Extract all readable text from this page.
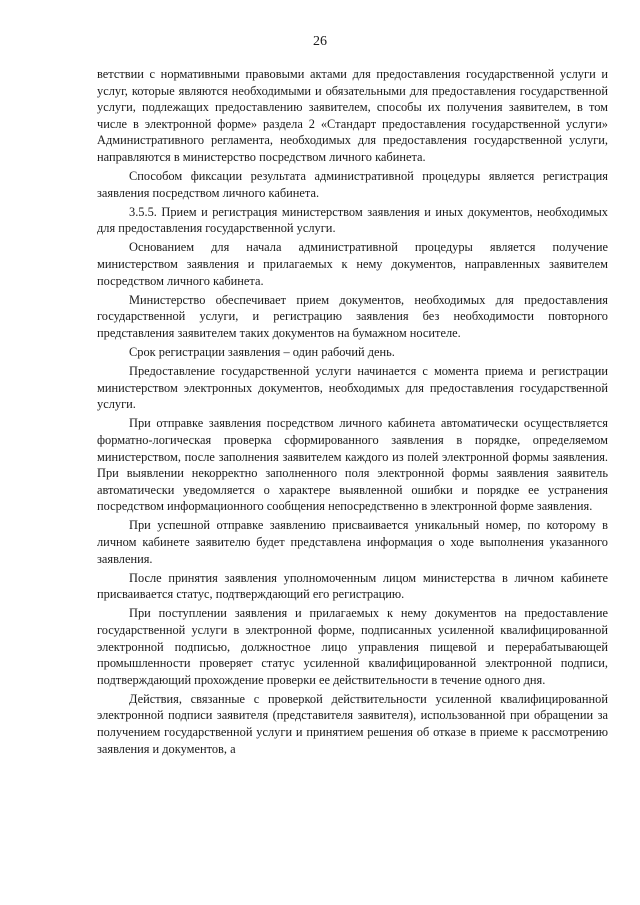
26

ветствии с нормативными правовыми актами для предоставления государственной услуги и услуг, которые являются необходимыми и обязательными для предоставления государственной услуги, подлежащих предоставлению заявителем, способы их получения заявителем, в том числе в электронной форме» раздела 2 «Стандарт предоставления государственной услуги» Административного регламента, необходимых для предоставления государственной услуги, направляются в министерство посредством личного кабинета.

Способом фиксации результата административной процедуры является регистрация заявления посредством личного кабинета.

3.5.5. Прием и регистрация министерством заявления и иных документов, необходимых для предоставления государственной услуги.

Основанием для начала административной процедуры является получение министерством заявления и прилагаемых к нему документов, направленных заявителем посредством личного кабинета.

Министерство обеспечивает прием документов, необходимых для предоставления государственной услуги, и регистрацию заявления без необходимости повторного представления заявителем таких документов на бумажном носителе.

Срок регистрации заявления – один рабочий день.

Предоставление государственной услуги начинается с момента приема и регистрации министерством электронных документов, необходимых для предоставления государственной услуги.

При отправке заявления посредством личного кабинета автоматически осуществляется форматно-логическая проверка сформированного заявления в порядке, определяемом министерством, после заполнения заявителем каждого из полей электронной формы заявления. При выявлении некорректно заполненного поля электронной формы заявления заявитель автоматически уведомляется о характере выявленной ошибки и порядке ее устранения посредством информационного сообщения непосредственно в электронной форме заявления.

При успешной отправке заявлению присваивается уникальный номер, по которому в личном кабинете заявителю будет представлена информация о ходе выполнения указанного заявления.

После принятия заявления уполномоченным лицом министерства в личном кабинете присваивается статус, подтверждающий его регистрацию.

При поступлении заявления и прилагаемых к нему документов на предоставление государственной услуги в электронной форме, подписанных усиленной квалифицированной электронной подписью, должностное лицо управления пищевой и перерабатывающей промышленности проверяет статус усиленной квалифицированной электронной подписи, подтверждающий прохождение проверки ее действительности в течение одного дня.

Действия, связанные с проверкой действительности усиленной квалифицированной электронной подписи заявителя (представителя заявителя), использованной при обращении за получением государственной услуги и принятием решения об отказе в приеме к рассмотрению заявления и документов, а
